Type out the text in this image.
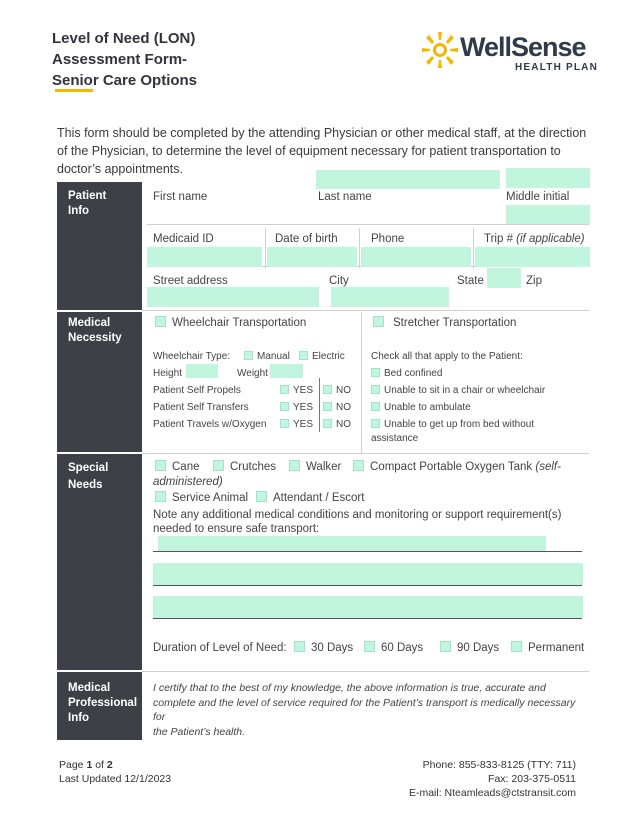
Level of Need (LON)
Assessment Form-
Senior Care Options
WellSense
HEALTH PLAN
This form should be completed by the attending Physician or other medical staff, at the direction of the Physician, to determine the level of equipment necessary for patient transportation to doctor’s appointments.
Patient
Info
Medical
Necessity
Special
Needs
Medical
Professional
Info
First name	Last name	Middle initial
Medicaid ID	Date of birth	Phone	Trip # (if applicable)
Street address	City	State	Zip
Wheelchair Transportation	Stretcher Transportation
Wheelchair Type:	Manual	Electric
Height	Weight
Patient Self Propels	YES	NO
Patient Self Transfers	YES	NO
Patient Travels w/Oxygen	YES	NO
Check all that apply to the Patient:
Bed confined
Unable to sit in a chair or wheelchair
Unable to ambulate
Unable to get up from bed without
assistance
Cane	Crutches	Walker	Compact Portable Oxygen Tank (self-
administered)
Service Animal	Attendant / Escort
Note any additional medical conditions and monitoring or support requirement(s)
needed to ensure safe transport:
Duration of Level of Need:	30 Days	60 Days	90 Days	Permanent
I certify that to the best of my knowledge, the above information is true, accurate and
complete and the level of service required for the Patient’s transport is medically necessary for
the Patient’s health.
Page 1 of 2
Last Updated 12/1/2023
Phone: 855-833-8125 (TTY: 711)
Fax: 203-375-0511
E-mail: Nteamleads@ctstransit.com
